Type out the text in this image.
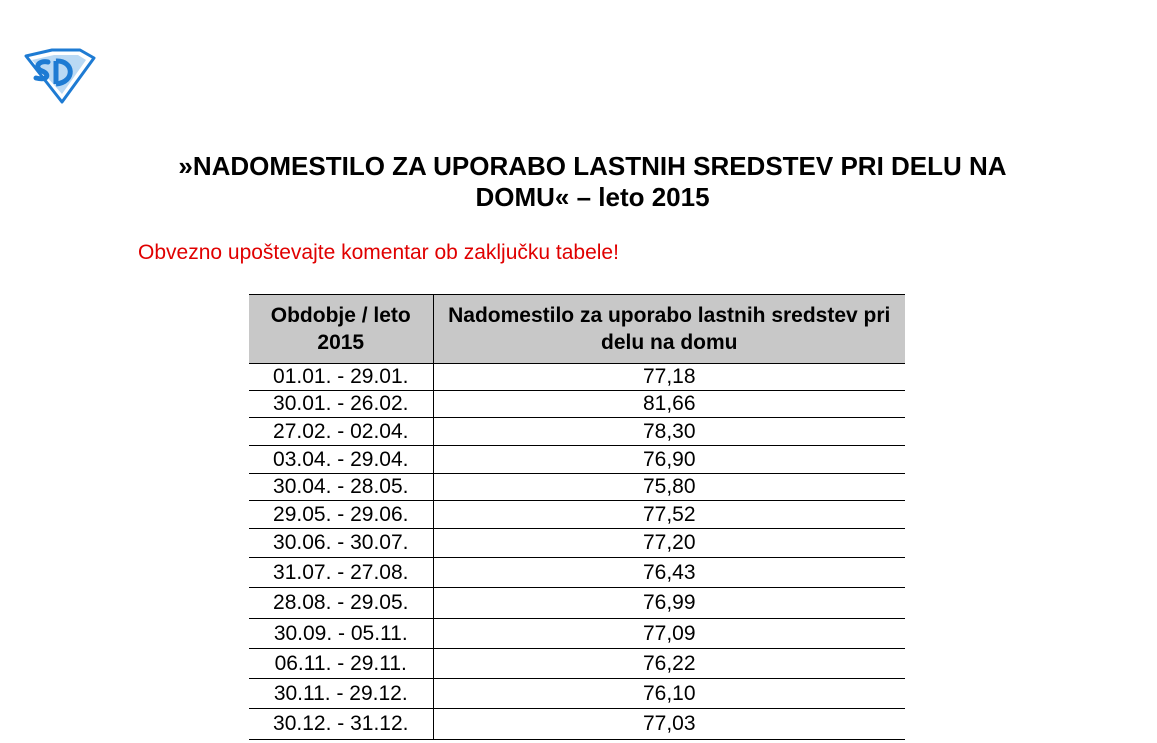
»NADOMESTILO ZA UPORABO LASTNIH SREDSTEV PRI DELU NA
DOMU« – leto 2015
Obvezno upoštevajte komentar ob zaključku tabele!
Obdobje / leto 2015	Nadomestilo za uporabo lastnih sredstev pri delu na domu
01.01. - 29.01.	77,18
30.01. - 26.02.	81,66
27.02. - 02.04.	78,30
03.04. - 29.04.	76,90
30.04. - 28.05.	75,80
29.05. - 29.06.	77,52
30.06. - 30.07.	77,20
31.07. - 27.08.	76,43
28.08. - 29.05.	76,99
30.09. - 05.11.	77,09
06.11. - 29.11.	76,22
30.11. - 29.12.	76,10
30.12. - 31.12.	77,03
